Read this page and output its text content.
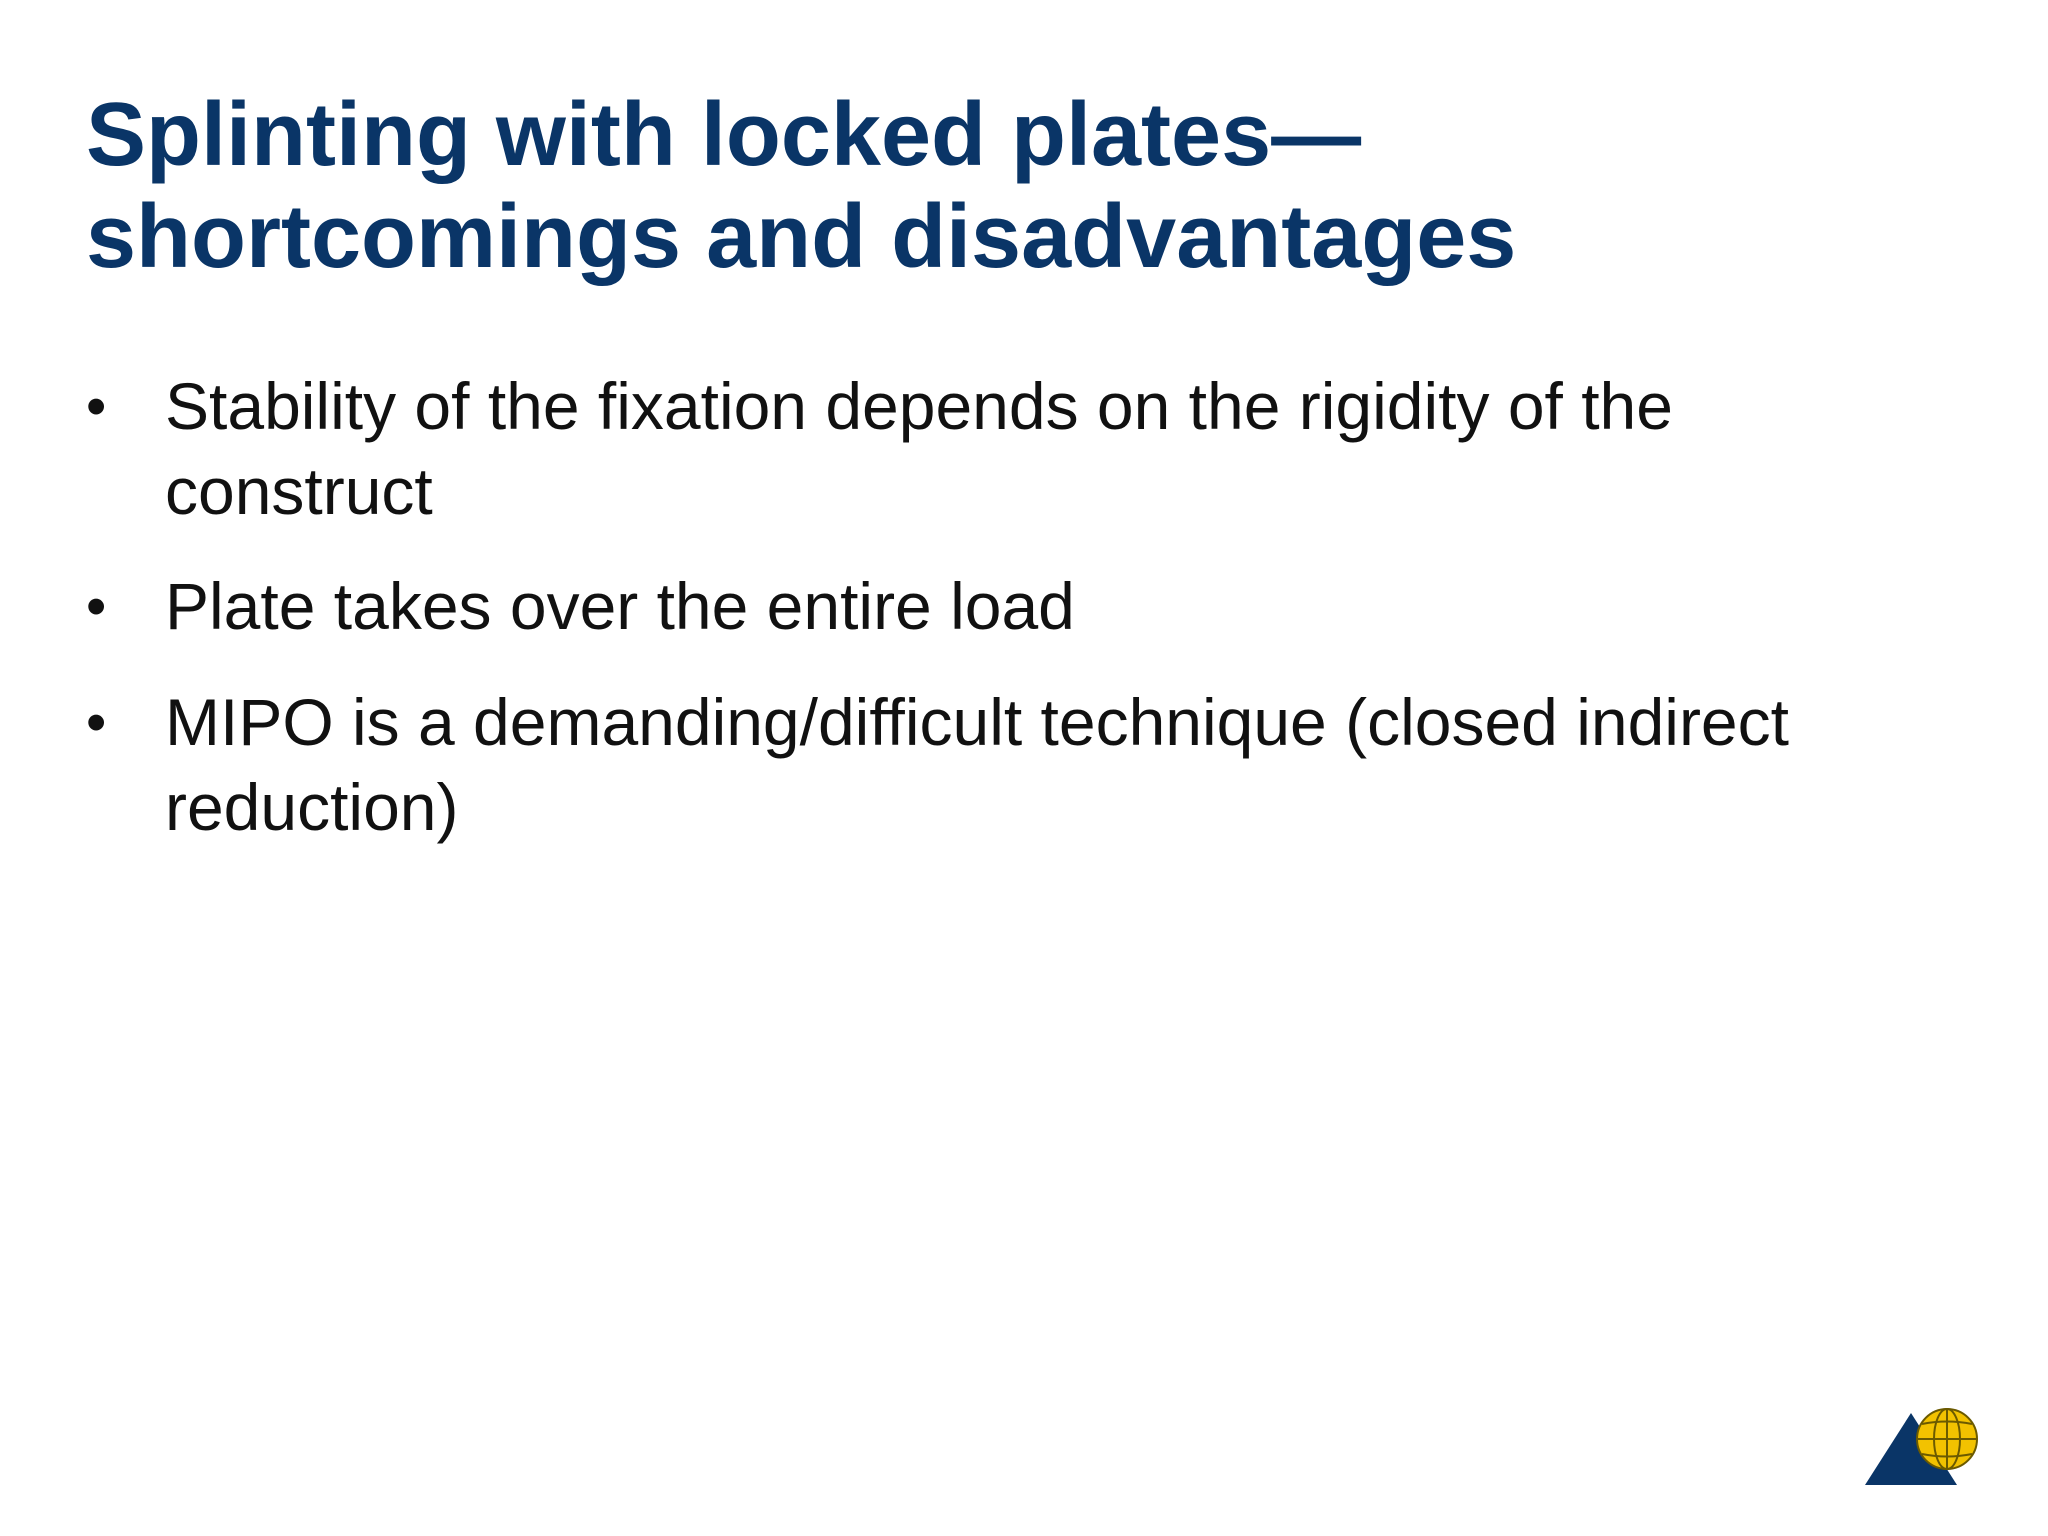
Splinting with locked plates—
shortcomings and disadvantages
• Stability of the fixation depends on the rigidity of the
construct
• Plate takes over the entire load
• MIPO is a demanding/difficult technique (closed indirect
reduction)
